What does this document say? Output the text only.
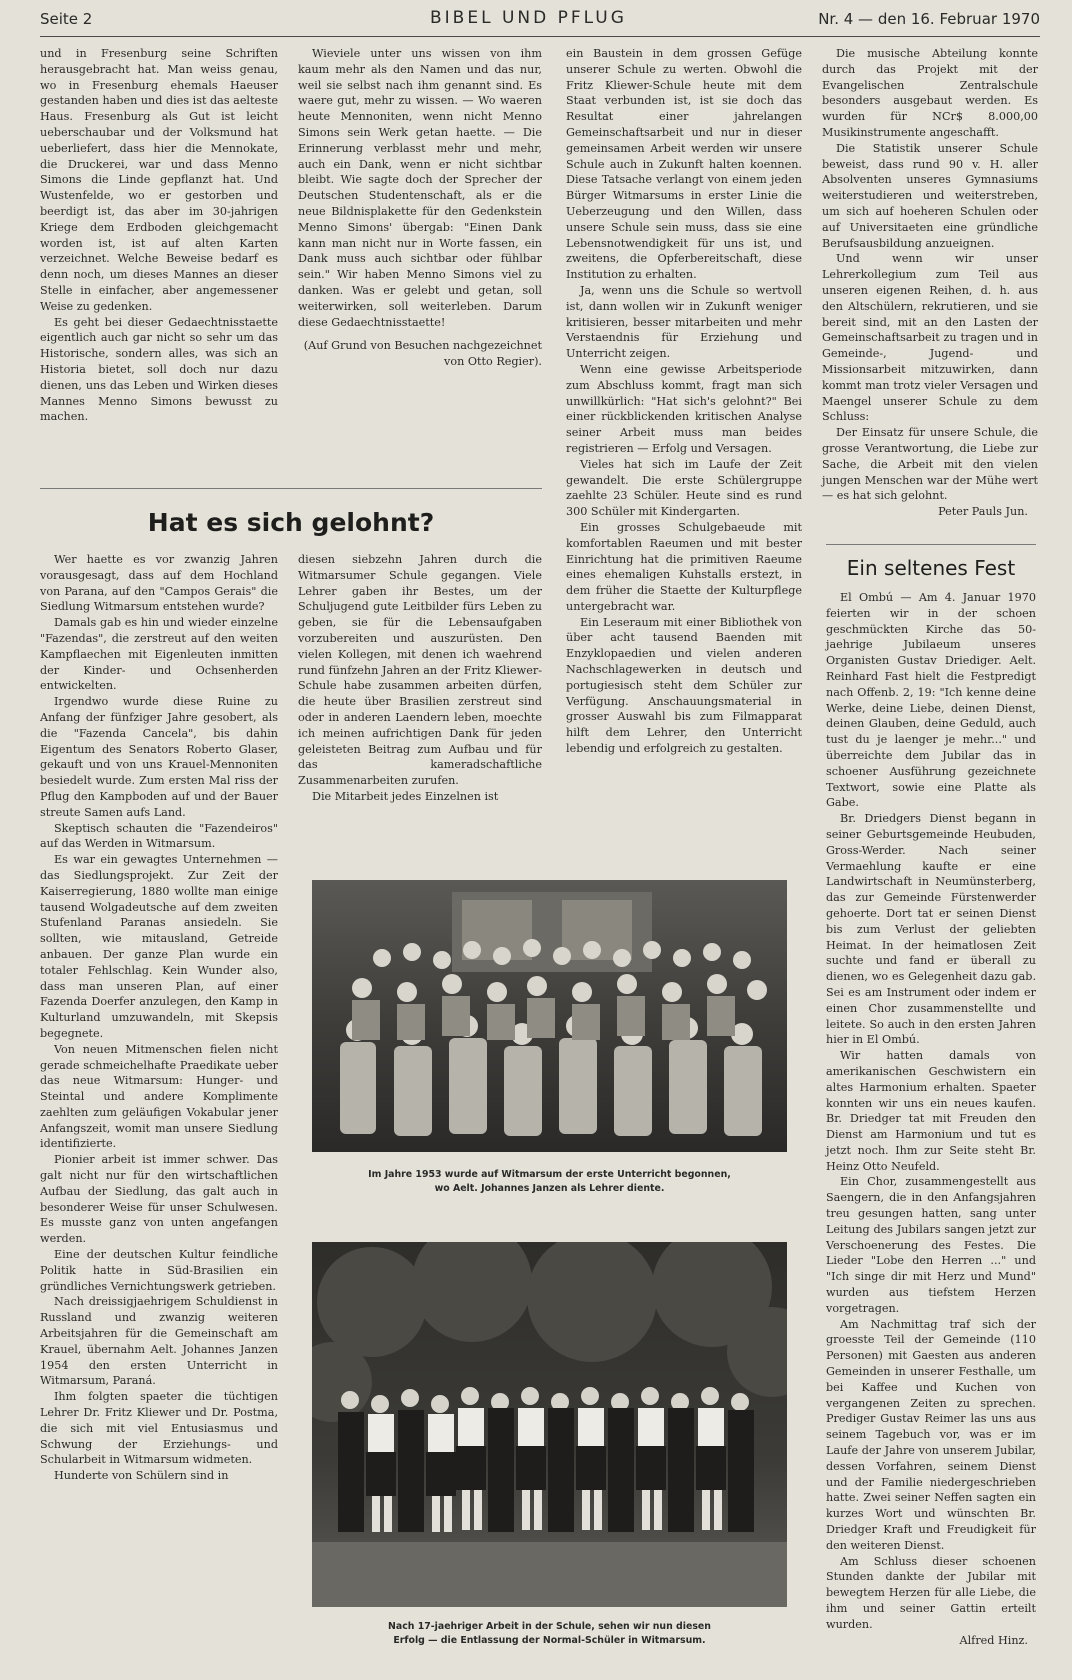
Seite 2	BIBEL UND PFLUG	Nr. 4 — den 16. Februar 1970

und in Fresenburg seine Schriften herausgebracht hat. Man weiss genau, wo in Fresenburg ehemals Haeuser gestanden haben und dies ist das aelteste Haus. Fresenburg als Gut ist leicht ueberschaubar und der Volksmund hat ueberliefert, dass hier die Mennokate, die Druckerei, war und dass Menno Simons die Linde gepflanzt hat. Und Wustenfelde, wo er gestorben und beerdigt ist, das aber im 30-jahrigen Kriege dem Erdboden gleichgemacht worden ist, ist auf alten Karten verzeichnet. Welche Beweise bedarf es denn noch, um dieses Mannes an dieser Stelle in einfacher, aber angemessener Weise zu gedenken.

Es geht bei dieser Gedaechtnisstaette eigentlich auch gar nicht so sehr um das Historische, sondern alles, was sich an Historia bietet, soll doch nur dazu dienen, uns das Leben und Wirken dieses Mannes Menno Simons bewusst zu machen.

Wieviele unter uns wissen von ihm kaum mehr als den Namen und das nur, weil sie selbst nach ihm genannt sind. Es waere gut, mehr zu wissen. — Wo waeren heute Mennoniten, wenn nicht Menno Simons sein Werk getan haette. — Die Erinnerung verblasst mehr und mehr, auch ein Dank, wenn er nicht sichtbar bleibt. Wie sagte doch der Sprecher der Deutschen Studentenschaft, als er die neue Bildnisplakette für den Gedenkstein Menno Simons' übergab: "Einen Dank kann man nicht nur in Worte fassen, ein Dank muss auch sichtbar oder fühlbar sein." Wir haben Menno Simons viel zu danken. Was er gelebt und getan, soll weiterwirken, soll weiterleben. Darum diese Gedaechtnisstaette!

(Auf Grund von Besuchen nachgezeichnet von Otto Regier).

Hat es sich gelohnt?

Wer haette es vor zwanzig Jahren vorausgesagt, dass auf dem Hochland von Parana, auf den "Campos Gerais" die Siedlung Witmarsum entstehen wurde?

Damals gab es hin und wieder einzelne "Fazendas", die zerstreut auf den weiten Kampflaechen mit Eigenleuten inmitten der Kinder- und Ochsenherden entwickelten.

Irgendwo wurde diese Ruine zu Anfang der fünfziger Jahre gesobert, als die "Fazenda Cancela", bis dahin Eigentum des Senators Roberto Glaser, gekauft und von uns Krauel-Mennoniten besiedelt wurde. Zum ersten Mal riss der Pflug den Kampboden auf und der Bauer streute Samen aufs Land.

Skeptisch schauten die "Fazendeiros" auf das Werden in Witmarsum.

Es war ein gewagtes Unternehmen — das Siedlungsprojekt. Zur Zeit der Kaiserregierung, 1880 wollte man einige tausend Wolgadeutsche auf dem zweiten Stufenland Paranas ansiedeln. Sie sollten, wie mitausland, Getreide anbauen. Der ganze Plan wurde ein totaler Fehlschlag. Kein Wunder also, dass man unseren Plan, auf einer Fazenda Doerfer anzulegen, den Kamp in Kulturland umzuwandeln, mit Skepsis begegnete.

Von neuen Mitmenschen fielen nicht gerade schmeichelhafte Praedikate ueber das neue Witmarsum: Hunger- und Steintal und andere Komplimente zaehlten zum geläufigen Vokabular jener Anfangszeit, womit man unsere Siedlung identifizierte.

Pionier arbeit ist immer schwer. Das galt nicht nur für den wirtschaftlichen Aufbau der Siedlung, das galt auch in besonderer Weise für unser Schulwesen. Es musste ganz von unten angefangen werden.

Eine der deutschen Kultur feindliche Politik hatte in Süd-Brasilien ein gründliches Vernichtungswerk getrieben.

Nach dreissigjaehrigem Schuldienst in Russland und zwanzig weiteren Arbeitsjahren für die Gemeinschaft am Krauel, übernahm Aelt. Johannes Janzen 1954 den ersten Unterricht in Witmarsum, Paraná.

Ihm folgten spaeter die tüchtigen Lehrer Dr. Fritz Kliewer und Dr. Postma, die sich mit viel Entusiasmus und Schwung der Erziehungs- und Schularbeit in Witmarsum widmeten.

Hunderte von Schülern sind in

diesen siebzehn Jahren durch die Witmarsumer Schule gegangen. Viele Lehrer gaben ihr Bestes, um der Schuljugend gute Leitbilder fürs Leben zu geben, sie für die Lebensaufgaben vorzubereiten und auszurüsten. Den vielen Kollegen, mit denen ich waehrend rund fünfzehn Jahren an der Fritz Kliewer-Schule habe zusammen arbeiten dürfen, die heute über Brasilien zerstreut sind oder in anderen Laendern leben, moechte ich meinen aufrichtigen Dank für jeden geleisteten Beitrag zum Aufbau und für das kameradschaftliche Zusammenarbeiten zurufen.

Die Mitarbeit jedes Einzelnen ist

ein Baustein in dem grossen Gefüge unserer Schule zu werten. Obwohl die Fritz Kliewer-Schule heute mit dem Staat verbunden ist, ist sie doch das Resultat einer jahrelangen Gemeinschaftsarbeit und nur in dieser gemeinsamen Arbeit werden wir unsere Schule auch in Zukunft halten koennen. Diese Tatsache verlangt von einem jeden Bürger Witmarsums in erster Linie die Ueberzeugung und den Willen, dass unsere Schule sein muss, dass sie eine Lebensnotwendigkeit für uns ist, und zweitens, die Opferbereitschaft, diese Institution zu erhalten.

Ja, wenn uns die Schule so wertvoll ist, dann wollen wir in Zukunft weniger kritisieren, besser mitarbeiten und mehr Verstaendnis für Erziehung und Unterricht zeigen.

Wenn eine gewisse Arbeitsperiode zum Abschluss kommt, fragt man sich unwillkürlich: "Hat sich's gelohnt?" Bei einer rückblickenden kritischen Analyse seiner Arbeit muss man beides registrieren — Erfolg und Versagen.

Vieles hat sich im Laufe der Zeit gewandelt. Die erste Schülergruppe zaehlte 23 Schüler. Heute sind es rund 300 Schüler mit Kindergarten.

Ein grosses Schulgebaeude mit komfortablen Raeumen und mit bester Einrichtung hat die primitiven Raeume eines ehemaligen Kuhstalls erstezt, in dem früher die Staette der Kulturpflege untergebracht war.

Ein Leseraum mit einer Bibliothek von über acht tausend Baenden mit Enzyklopaedien und vielen anderen Nachschlagewerken in deutsch und portugiesisch steht dem Schüler zur Verfügung. Anschauungsmaterial in grosser Auswahl bis zum Filmapparat hilft dem Lehrer, den Unterricht lebendig und erfolgreich zu gestalten.

Die musische Abteilung konnte durch das Projekt mit der Evangelischen Zentralschule besonders ausgebaut werden. Es wurden für NCr$ 8.000,00 Musikinstrumente angeschafft.

Die Statistik unserer Schule beweist, dass rund 90 v. H. aller Absolventen unseres Gymnasiums weiterstudieren und weiterstreben, um sich auf hoeheren Schulen oder auf Universitaeten eine gründliche Berufsausbildung anzueignen.

Und wenn wir unser Lehrerkollegium zum Teil aus unseren eigenen Reihen, d. h. aus den Altschülern, rekrutieren, und sie bereit sind, mit an den Lasten der Gemeinschaftsarbeit zu tragen und in Gemeinde-, Jugend- und Missionsarbeit mitzuwirken, dann kommt man trotz vieler Versagen und Maengel unserer Schule zu dem Schluss:

Der Einsatz für unsere Schule, die grosse Verantwortung, die Liebe zur Sache, die Arbeit mit den vielen jungen Menschen war der Mühe wert — es hat sich gelohnt.

Peter Pauls Jun.

Im Jahre 1953 wurde auf Witmarsum der erste Unterricht begonnen,
wo Aelt. Johannes Janzen als Lehrer diente.
Nach 17-jaehriger Arbeit in der Schule, sehen wir nun diesen
Erfolg — die Entlassung der Normal-Schüler in Witmarsum.
Ein seltenes Fest

El Ombú — Am 4. Januar 1970 feierten wir in der schoen geschmückten Kirche das 50-jaehrige Jubilaeum unseres Organisten Gustav Driediger. Aelt. Reinhard Fast hielt die Festpredigt nach Offenb. 2, 19: "Ich kenne deine Werke, deine Liebe, deinen Dienst, deinen Glauben, deine Geduld, auch tust du je laenger je mehr..." und überreichte dem Jubilar das in schoener Ausführung gezeichnete Textwort, sowie eine Platte als Gabe.

Br. Driedgers Dienst begann in seiner Geburtsgemeinde Heubuden, Gross-Werder. Nach seiner Vermaehlung kaufte er eine Landwirtschaft in Neumünsterberg, das zur Gemeinde Fürstenwerder gehoerte. Dort tat er seinen Dienst bis zum Verlust der geliebten Heimat. In der heimatlosen Zeit suchte und fand er überall zu dienen, wo es Gelegenheit dazu gab. Sei es am Instrument oder indem er einen Chor zusammenstellte und leitete. So auch in den ersten Jahren hier in El Ombú.

Wir hatten damals von amerikanischen Geschwistern ein altes Harmonium erhalten. Spaeter konnten wir uns ein neues kaufen. Br. Driedger tat mit Freuden den Dienst am Harmonium und tut es jetzt noch. Ihm zur Seite steht Br. Heinz Otto Neufeld.

Ein Chor, zusammengestellt aus Saengern, die in den Anfangsjahren treu gesungen hatten, sang unter Leitung des Jubilars sangen jetzt zur Verschoenerung des Festes. Die Lieder "Lobe den Herren ..." und "Ich singe dir mit Herz und Mund" wurden aus tiefstem Herzen vorgetragen.

Am Nachmittag traf sich der groesste Teil der Gemeinde (110 Personen) mit Gaesten aus anderen Gemeinden in unserer Festhalle, um bei Kaffee und Kuchen von vergangenen Zeiten zu sprechen. Prediger Gustav Reimer las uns aus seinem Tagebuch vor, was er im Laufe der Jahre von unserem Jubilar, dessen Vorfahren, seinem Dienst und der Familie niedergeschrieben hatte. Zwei seiner Neffen sagten ein kurzes Wort und wünschten Br. Driedger Kraft und Freudigkeit für den weiteren Dienst.

Am Schluss dieser schoenen Stunden dankte der Jubilar mit bewegtem Herzen für alle Liebe, die ihm und seiner Gattin erteilt wurden.

Alfred Hinz.
